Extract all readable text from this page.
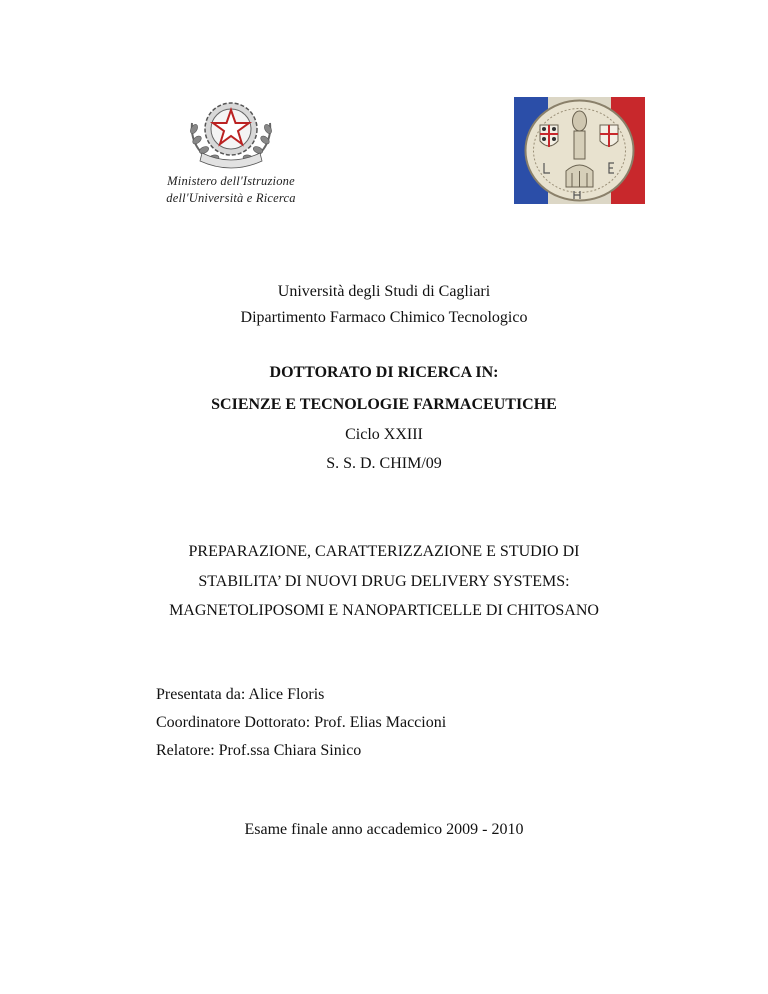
Ministero dell'Istruzione
dell'Università e Ricerca
Università degli Studi di Cagliari
Dipartimento Farmaco Chimico Tecnologico
DOTTORATO DI RICERCA IN:
SCIENZE E TECNOLOGIE FARMACEUTICHE
Ciclo XXIII
S. S. D. CHIM/09
PREPARAZIONE, CARATTERIZZAZIONE E STUDIO DI
STABILITA’ DI NUOVI DRUG DELIVERY SYSTEMS:
MAGNETOLIPOSOMI E NANOPARTICELLE DI CHITOSANO
Presentata da: Alice Floris
Coordinatore Dottorato: Prof. Elias Maccioni
Relatore: Prof.ssa Chiara Sinico
Esame finale anno accademico 2009 - 2010
